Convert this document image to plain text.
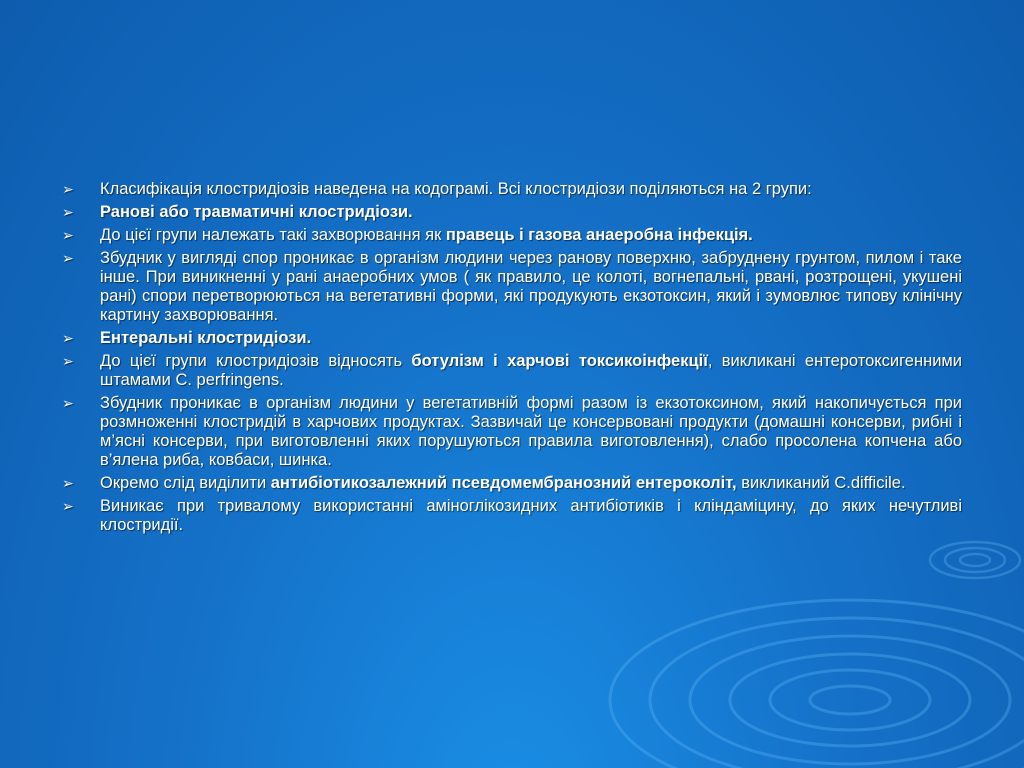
➢ Класифікація клостридіозів наведена на кодограмі. Всі клостридіози поділяються на 2 групи:
➢ Ранові або травматичні клостридіози.
➢ До цієї групи належать такі захворювання як правець і газова анаеробна інфекція.
➢ Збудник у вигляді спор проникає в організм людини через ранову поверхню, забруднену грунтом, пилом і таке інше. При виникненні у рані анаеробних умов ( як правило, це колоті, вогнепальні, рвані, розтрощені, укушені рані) спори перетворюються на вегетативні форми, які продукують екзотоксин, який і зумовлює типову клінічну картину захворювання.
➢ Ентеральні клостридіози.
➢ До цієї групи клостридіозів відносять ботулізм і харчові токсикоінфекції, викликані ентеротоксигенними штамами C. perfringens.
➢ Збудник проникає в організм людини у вегетативній формі разом із екзотоксином, який накопичується при розмноженні клостридій в харчових продуктах. Зазвичай це консервовані продукти (домашні консерви, рибні і м’ясні консерви, при виготовленні яких порушуються правила виготовлення), слабо просолена копчена або в’ялена риба, ковбаси, шинка.
➢ Окремо слід виділити антибіотикозалежний псевдомембранозний ентероколіт, викликаний C.difficile.
➢ Виникає при тривалому використанні аміноглікозидних антибіотиків і кліндаміцину, до яких нечутливі клостридії.
